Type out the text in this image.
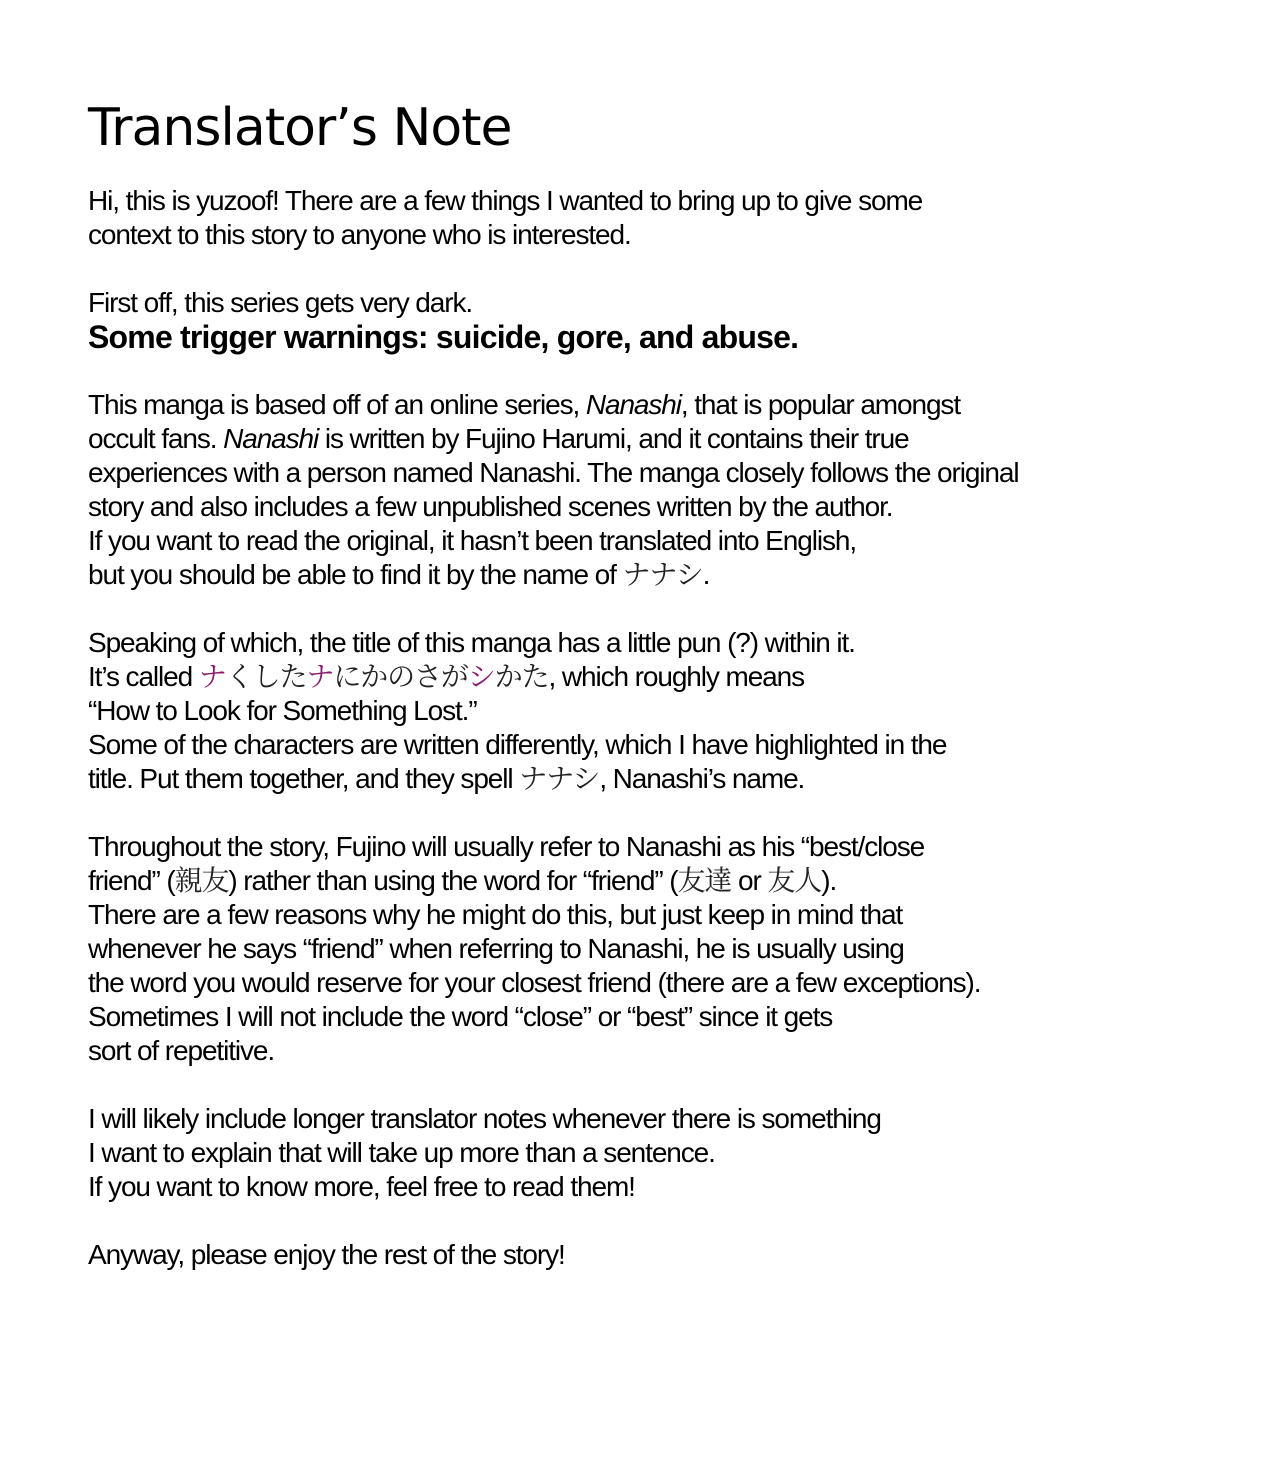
Translator’s Note
Hi, this is yuzoof! There are a few things I wanted to bring up to give some
context to this story to anyone who is interested.
First off, this series gets very dark.
Some trigger warnings: suicide, gore, and abuse.
This manga is based off of an online series, Nanashi, that is popular amongst
occult fans. Nanashi is written by Fujino Harumi, and it contains their true
experiences with a person named Nanashi. The manga closely follows the original
story and also includes a few unpublished scenes written by the author.
If you want to read the original, it hasn’t been translated into English,
but you should be able to find it by the name of ナナシ.
Speaking of which, the title of this manga has a little pun (?) within it.
It’s called ナくしたナにかのさがシかた, which roughly means
“How to Look for Something Lost.”
Some of the characters are written differently, which I have highlighted in the
title. Put them together, and they spell ナナシ, Nanashi’s name.
Throughout the story, Fujino will usually refer to Nanashi as his “best/close
friend” (親友) rather than using the word for “friend” (友達 or 友人).
There are a few reasons why he might do this, but just keep in mind that
whenever he says “friend” when referring to Nanashi, he is usually using
the word you would reserve for your closest friend (there are a few exceptions).
Sometimes I will not include the word “close” or “best” since it gets
sort of repetitive.
I will likely include longer translator notes whenever there is something
I want to explain that will take up more than a sentence.
If you want to know more, feel free to read them!
Anyway, please enjoy the rest of the story!
